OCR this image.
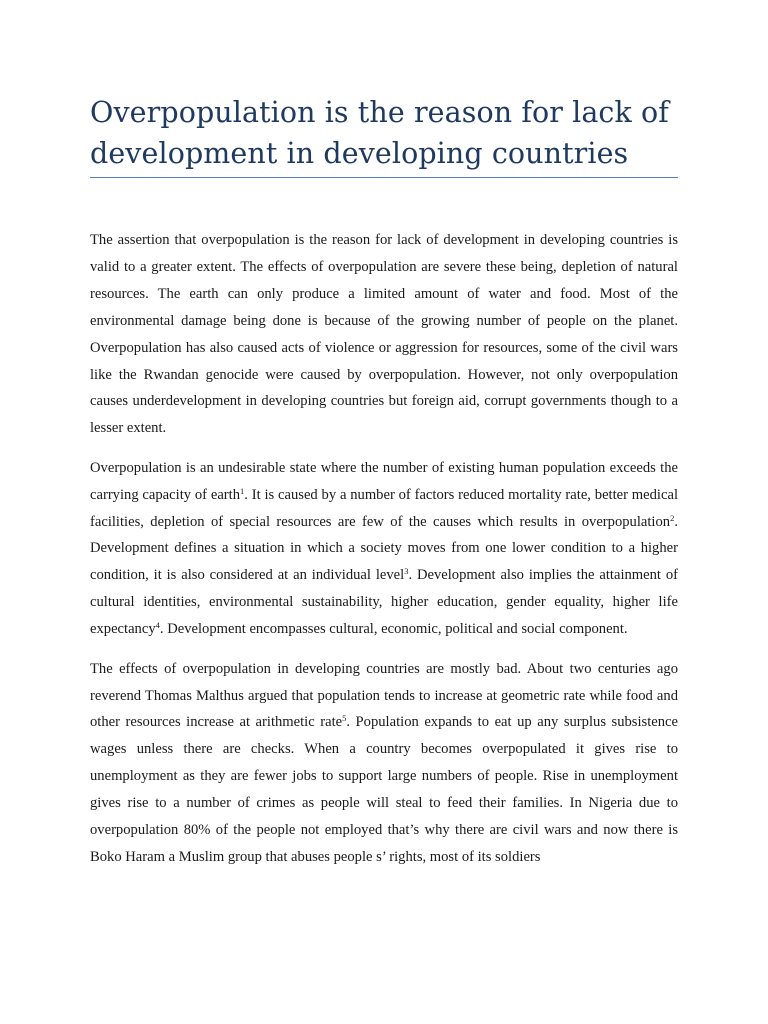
Overpopulation is the reason for lack of development in developing countries

The assertion that overpopulation is the reason for lack of development in developing countries is valid to a greater extent. The effects of overpopulation are severe these being, depletion of natural resources. The earth can only produce a limited amount of water and food. Most of the environmental damage being done is because of the growing number of people on the planet. Overpopulation has also caused acts of violence or aggression for resources, some of the civil wars like the Rwandan genocide were caused by overpopulation. However, not only overpopulation causes underdevelopment in developing countries but foreign aid, corrupt governments though to a lesser extent.

Overpopulation is an undesirable state where the number of existing human population exceeds the carrying capacity of earth$^1$. It is caused by a number of factors reduced mortality rate, better medical facilities, depletion of special resources are few of the causes which results in overpopulation$^2$. Development defines a situation in which a society moves from one lower condition to a higher condition, it is also considered at an individual level$^3$. Development also implies the attainment of cultural identities, environmental sustainability, higher education, gender equality, higher life expectancy$^4$. Development encompasses cultural, economic, political and social component.

The effects of overpopulation in developing countries are mostly bad. About two centuries ago reverend Thomas Malthus argued that population tends to increase at geometric rate while food and other resources increase at arithmetic rate$^5$. Population expands to eat up any surplus subsistence wages unless there are checks. When a country becomes overpopulated it gives rise to unemployment as they are fewer jobs to support large numbers of people. Rise in unemployment gives rise to a number of crimes as people will steal to feed their families. In Nigeria due to overpopulation 80% of the people not employed that’s why there are civil wars and now there is Boko Haram a Muslim group that abuses people s’ rights, most of its soldiers
